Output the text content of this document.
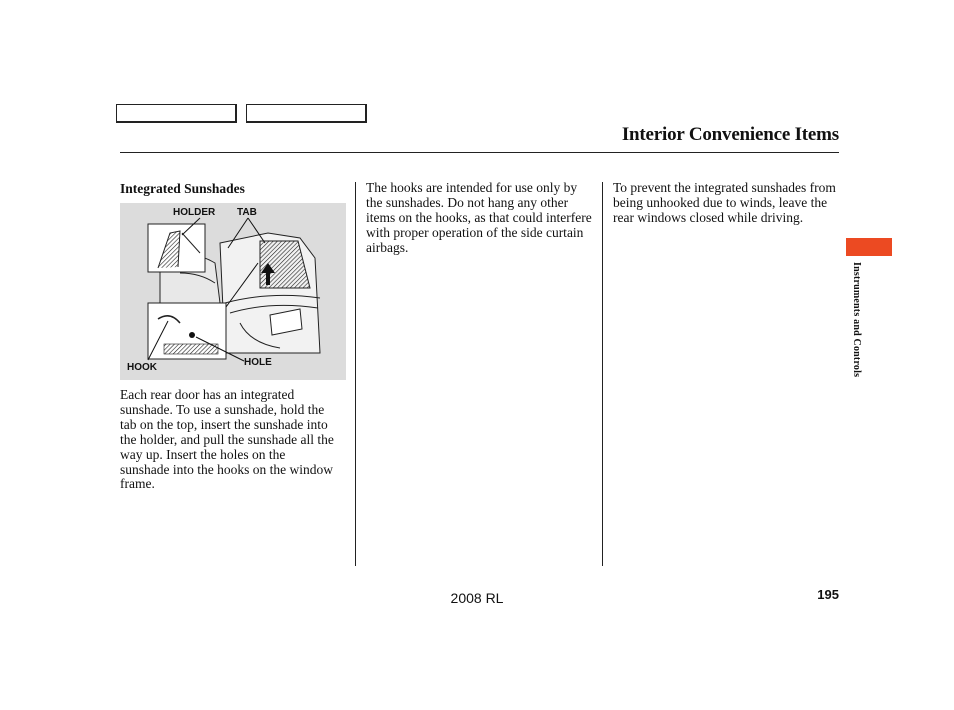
Interior Convenience Items
Integrated Sunshades
HOLDER TAB
HOOK	HOLE

Each rear door has an integrated sunshade. To use a sunshade, hold the tab on the top, insert the sunshade into the holder, and pull the sunshade all the way up. Insert the holes on the sunshade into the hooks on the window frame.

The hooks are intended for use only by the sunshades. Do not hang any other items on the hooks, as that could interfere with proper operation of the side curtain airbags.

To prevent the integrated sunshades from being unhooked due to winds, leave the rear windows closed while driving.

Instruments and Controls
2008 RL	195
